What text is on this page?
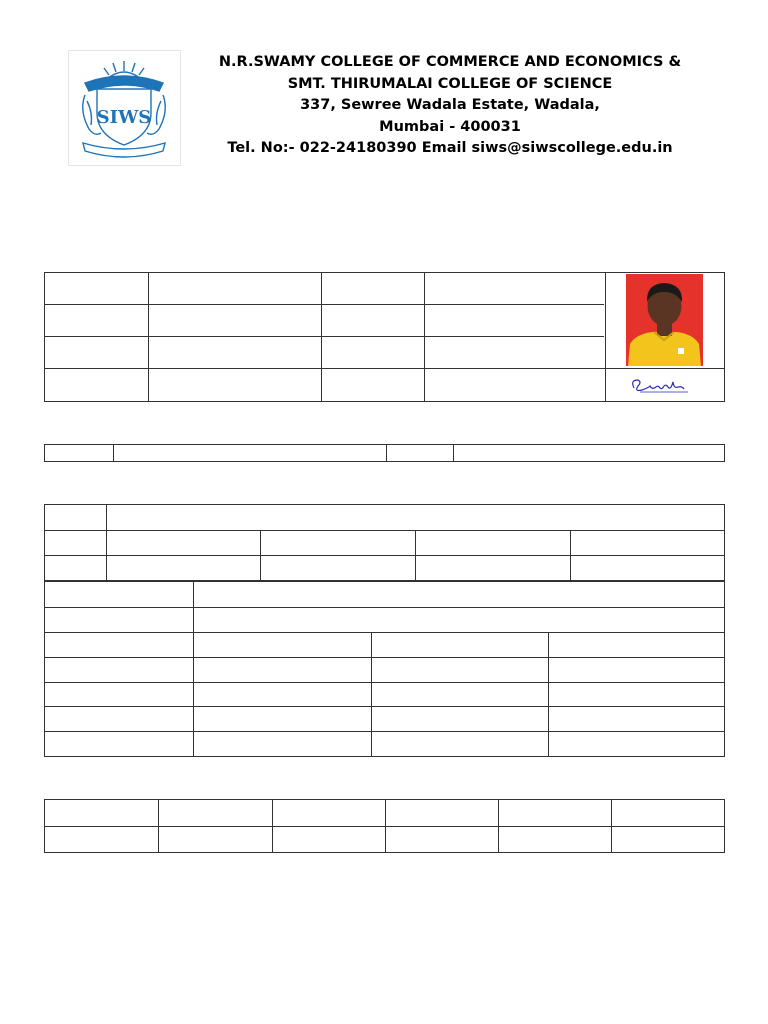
SIWS
N.R.SWAMY COLLEGE OF COMMERCE AND ECONOMICS &
SMT. THIRUMALAI COLLEGE OF SCIENCE
337, Sewree Wadala Estate, Wadala,
Mumbai - 400031
Tel. No:- 022-24180390 Email siws@siwscollege.edu.in
